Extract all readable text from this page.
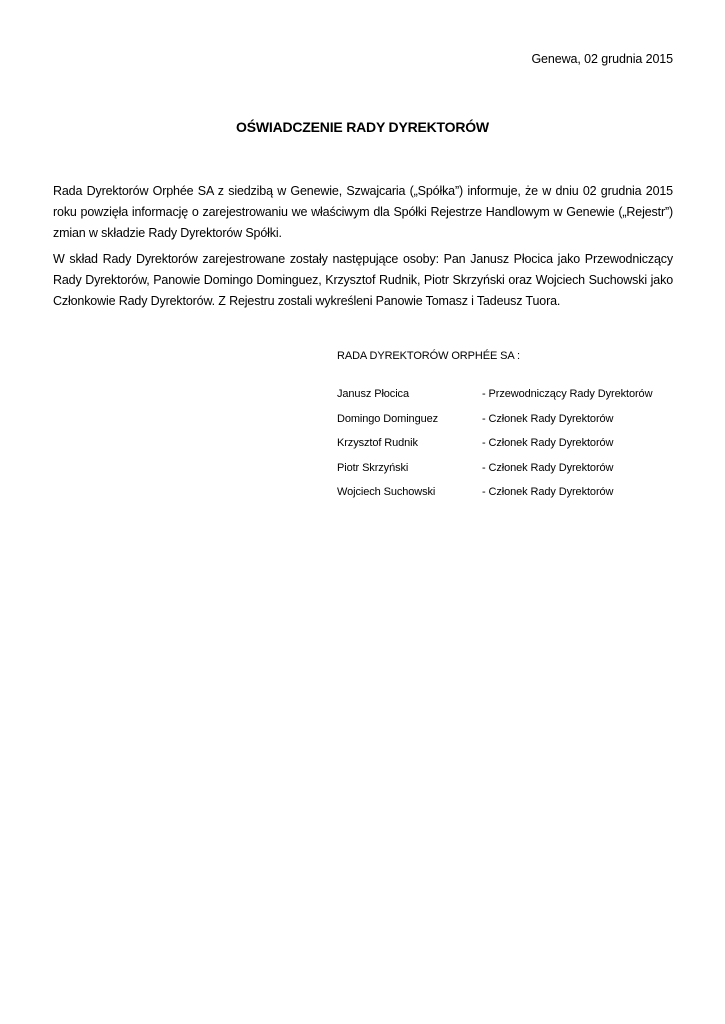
Genewa, 02 grudnia 2015
OŚWIADCZENIE RADY DYREKTORÓW

Rada Dyrektorów Orphée SA z siedzibą w Genewie, Szwajcaria („Spółka”) informuje, że w dniu 02 grudnia 2015 roku powzięła informację o zarejestrowaniu we właściwym dla Spółki Rejestrze Handlowym w Genewie („Rejestr”) zmian w składzie Rady Dyrektorów Spółki.

W skład Rady Dyrektorów zarejestrowane zostały następujące osoby: Pan Janusz Płocica jako Przewodniczący Rady Dyrektorów, Panowie Domingo Dominguez, Krzysztof Rudnik, Piotr Skrzyński oraz Wojciech Suchowski jako Członkowie Rady Dyrektorów. Z Rejestru zostali wykreśleni Panowie Tomasz i Tadeusz Tuora.

RADA DYREKTORÓW ORPHÉE SA :
Janusz Płocica	- Przewodniczący Rady Dyrektorów
Domingo Dominguez	- Członek Rady Dyrektorów
Krzysztof Rudnik	- Członek Rady Dyrektorów
Piotr Skrzyński	- Członek Rady Dyrektorów
Wojciech Suchowski	- Członek Rady Dyrektorów
